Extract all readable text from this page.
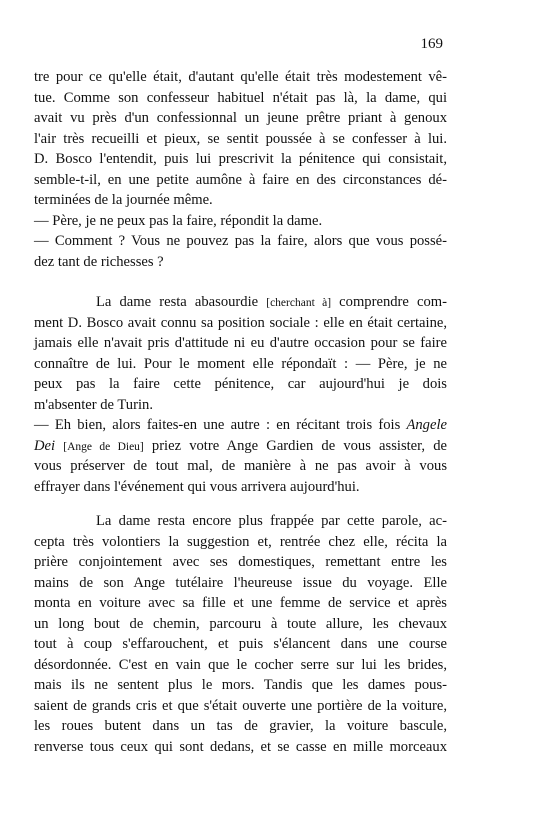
169
tre pour ce qu'elle était, d'autant qu'elle était très modestement vê-
tue. Comme son confesseur habituel n'était pas là, la dame, qui
avait vu près d'un confessionnal un jeune prêtre priant à genoux
l'air très recueilli et pieux, se sentit poussée à se confesser à lui.
D. Bosco l'entendit, puis lui prescrivit la pénitence qui consistait,
semble-t-il, en une petite aumône à faire en des circonstances dé-
terminées de la journée même.
— Père, je ne peux pas la faire, répondit la dame.
— Comment ? Vous ne pouvez pas la faire, alors que vous possé-
dez tant de richesses ?
La dame resta abasourdie [cherchant à] comprendre com-
ment D. Bosco avait connu sa position sociale : elle en était certaine,
jamais elle n'avait pris d'attitude ni eu d'autre occasion pour se faire
connaître de lui. Pour le moment elle répondaït : — Père, je ne
peux pas la faire cette pénitence, car aujourd'hui je dois
m'absenter de Turin.
— Eh bien, alors faites-en une autre : en récitant trois fois Angele
Dei [Ange de Dieu] priez votre Ange Gardien de vous assister, de
vous préserver de tout mal, de manière à ne pas avoir à vous
effrayer dans l'événement qui vous arrivera aujourd'hui.
La dame resta encore plus frappée par cette parole, ac-
cepta très volontiers la suggestion et, rentrée chez elle, récita la
prière conjointement avec ses domestiques, remettant entre les
mains de son Ange tutélaire l'heureuse issue du voyage. Elle
monta en voiture avec sa fille et une femme de service et après
un long bout de chemin, parcouru à toute allure, les chevaux
tout à coup s'effarouchent, et puis s'élancent dans une course
désordonnée. C'est en vain que le cocher serre sur lui les brides,
mais ils ne sentent plus le mors. Tandis que les dames pous-
saient de grands cris et que s'était ouverte une portière de la voiture,
les roues butent dans un tas de gravier, la voiture bascule,
renverse tous ceux qui sont dedans, et se casse en mille morceaux
